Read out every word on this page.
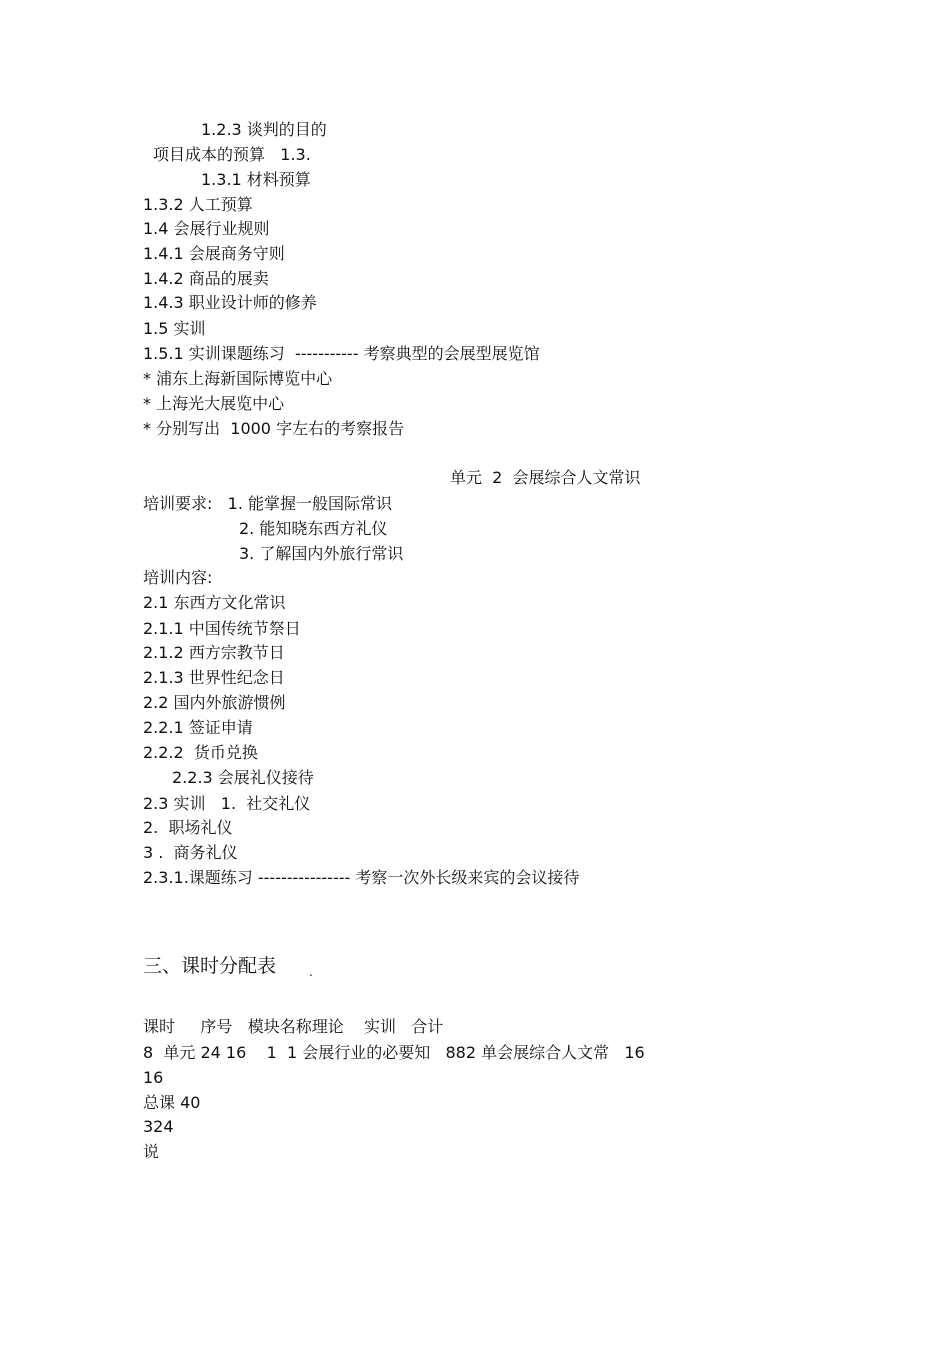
1.2.3 谈判的目的
项目成本的预算   1.3.
1.3.1 材料预算
1.3.2 人工预算
1.4 会展行业规则
1.4.1 会展商务守则
1.4.2 商品的展卖
1.4.3 职业设计师的修养
1.5 实训
1.5.1 实训课题练习  ----------- 考察典型的会展型展览馆
* 浦东上海新国际博览中心
* 上海光大展览中心
* 分别写出  1000 字左右的考察报告
单元  2  会展综合人文常识
培训要求:   1. 能掌握一般国际常识
2. 能知晓东西方礼仪
3. 了解国内外旅行常识
培训内容:
2.1 东西方文化常识
2.1.1 中国传统节祭日
2.1.2 西方宗教节日
2.1.3 世界性纪念日
2.2 国内外旅游惯例
2.2.1 签证申请
2.2.2  货币兑换
2.2.3 会展礼仪接待
2.3 实训   1.  社交礼仪
2.  职场礼仪
3 .  商务礼仪
2.3.1.课题练习 ---------------- 考察一次外长级来宾的会议接待
三、课时分配表	.
课时     序号   模块名称理论    实训   合计
8  单元 24 16    1  1 会展行业的必要知   882 单会展综合人文常   16
16
总课 40
324
说
